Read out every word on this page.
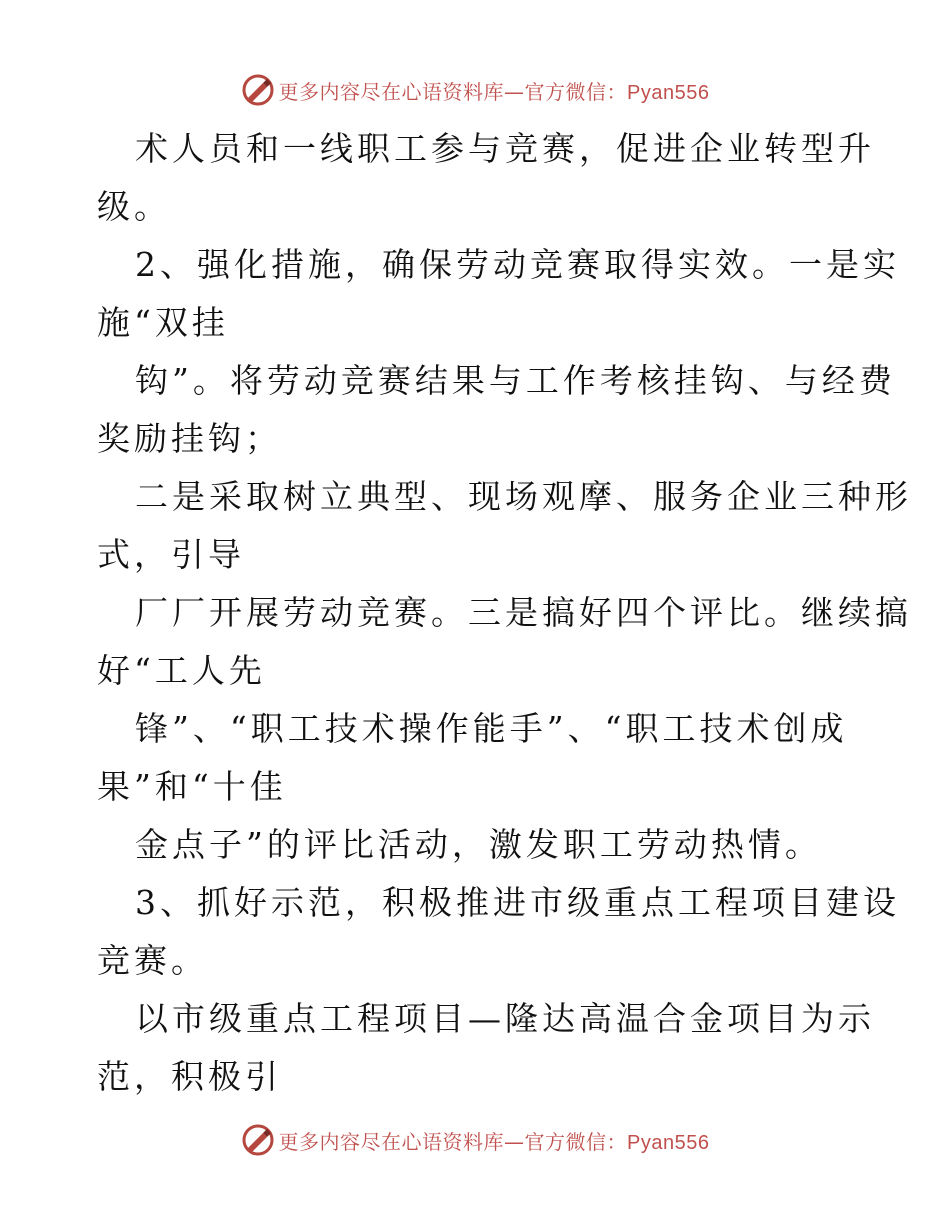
更多内容尽在心语资料库—官方微信：Pyan556
术人员和一线职工参与竞赛，促进企业转型升
级。
2、强化措施，确保劳动竞赛取得实效。一是实
施“双挂
钩”。将劳动竞赛结果与工作考核挂钩、与经费
奖励挂钩；
二是采取树立典型、现场观摩、服务企业三种形
式，引导
厂厂开展劳动竞赛。三是搞好四个评比。继续搞
好“工人先
锋”、“职工技术操作能手”、“职工技术创成
果”和“十佳
金点子”的评比活动，激发职工劳动热情。
3、抓好示范，积极推进市级重点工程项目建设
竞赛。
以市级重点工程项目—隆达高温合金项目为示
范，积极引
更多内容尽在心语资料库—官方微信：Pyan556
